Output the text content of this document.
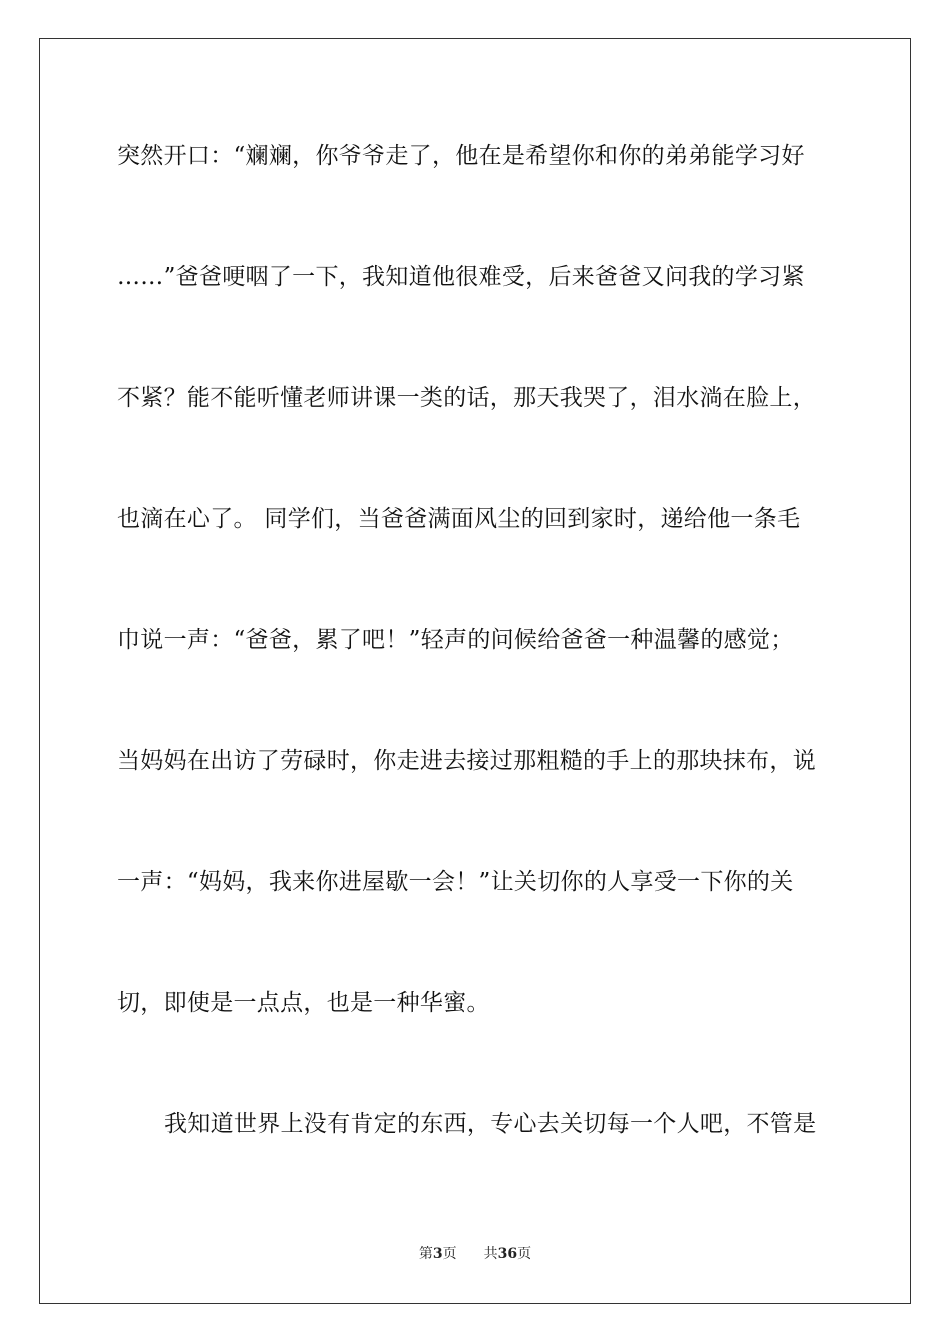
突然开口：“斓斓，你爷爷走了，他在是希望你和你的弟弟能学习好
……”爸爸哽咽了一下，我知道他很难受，后来爸爸又问我的学习紧
不紧？能不能听懂老师讲课一类的话，那天我哭了，泪水淌在脸上，
也滴在心了。 同学们，当爸爸满面风尘的回到家时，递给他一条毛
巾说一声：“爸爸，累了吧！”轻声的问候给爸爸一种温馨的感觉；
当妈妈在出访了劳碌时，你走进去接过那粗糙的手上的那块抹布，说
一声：“妈妈，我来你进屋歇一会！”让关切你的人享受一下你的关
切，即使是一点点，也是一种华蜜。
我知道世界上没有肯定的东西，专心去关切每一个人吧，不管是
第3页 共36页
